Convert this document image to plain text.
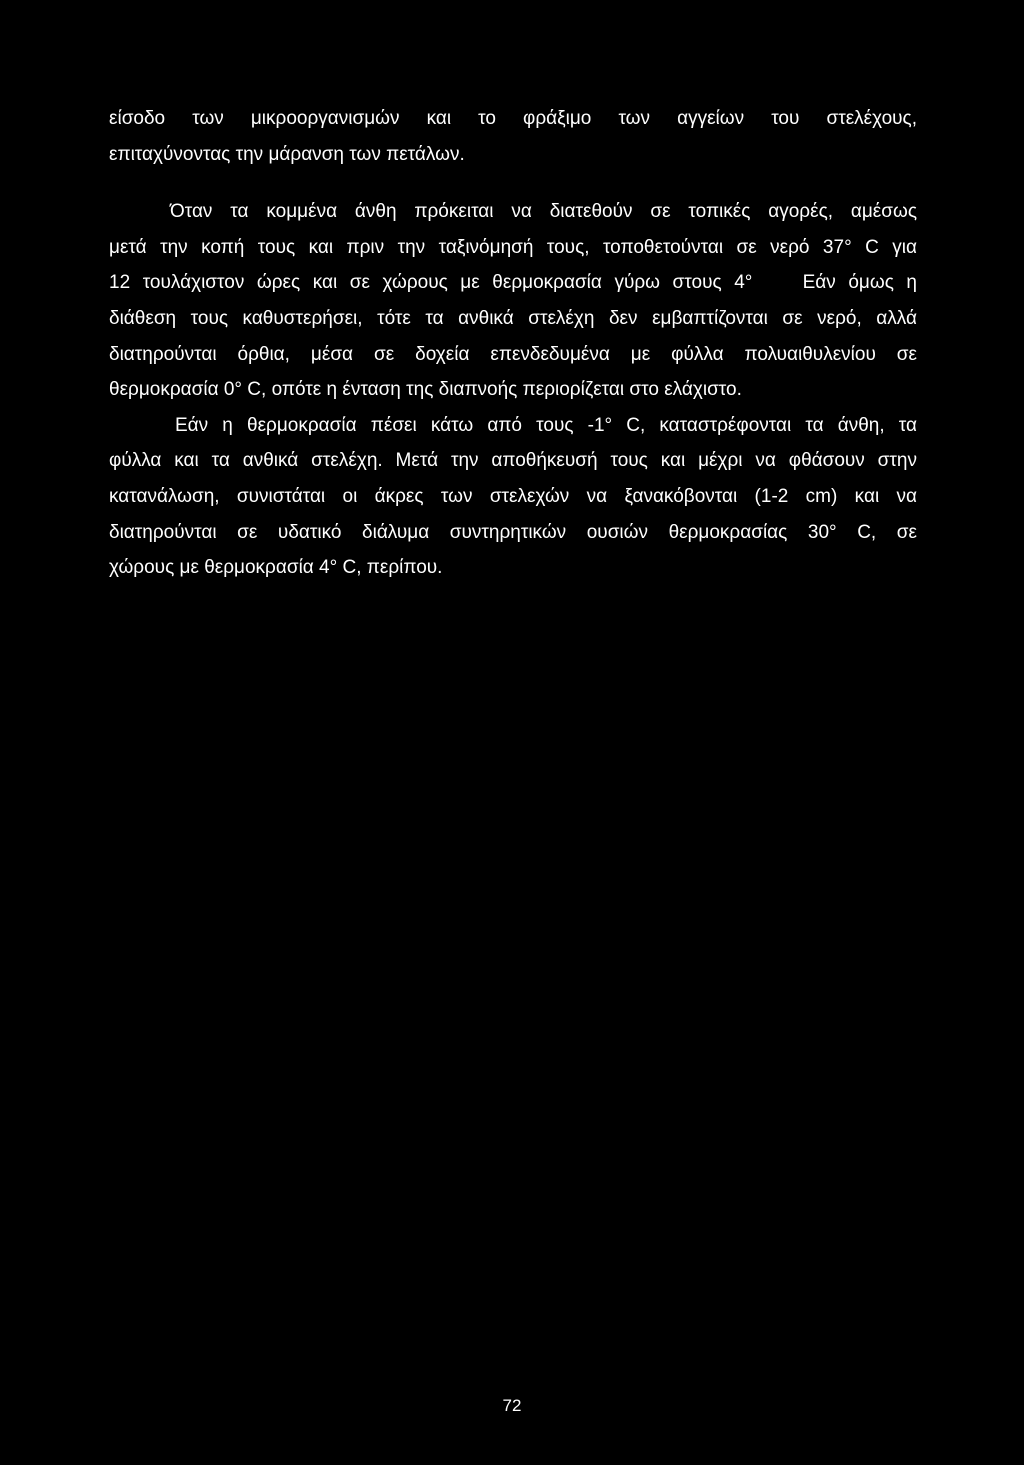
είσοδο των μικροοργανισμών και το φράξιμο των αγγείων του στελέχους,
επιταχύνοντας την μάρανση των πετάλων.
Όταν τα κομμένα άνθη πρόκειται να διατεθούν σε τοπικές αγορές, αμέσως
μετά την κοπή τους και πριν την ταξινόμησή τους, τοποθετούνται σε νερό 37° C για
12 τουλάχιστον ώρες και σε χώρους με θερμοκρασία γύρω στους 4°    Εάν όμως η
διάθεση τους καθυστερήσει, τότε τα ανθικά στελέχη δεν εμβαπτίζονται σε νερό, αλλά
διατηρούνται όρθια, μέσα σε δοχεία επενδεδυμένα με φύλλα πολυαιθυλενίου σε
θερμοκρασία 0° C, οπότε η ένταση της διαπνοής περιορίζεται στο ελάχιστο.
Εάν η θερμοκρασία πέσει κάτω από τους -1° C, καταστρέφονται τα άνθη, τα
φύλλα και τα ανθικά στελέχη. Μετά την αποθήκευσή τους και μέχρι να φθάσουν στην
κατανάλωση, συνιστάται οι άκρες των στελεχών να ξανακόβονται (1-2 cm) και να
διατηρούνται σε υδατικό διάλυμα συντηρητικών ουσιών θερμοκρασίας 30° C, σε
χώρους με θερμοκρασία 4° C, περίπου.
72
